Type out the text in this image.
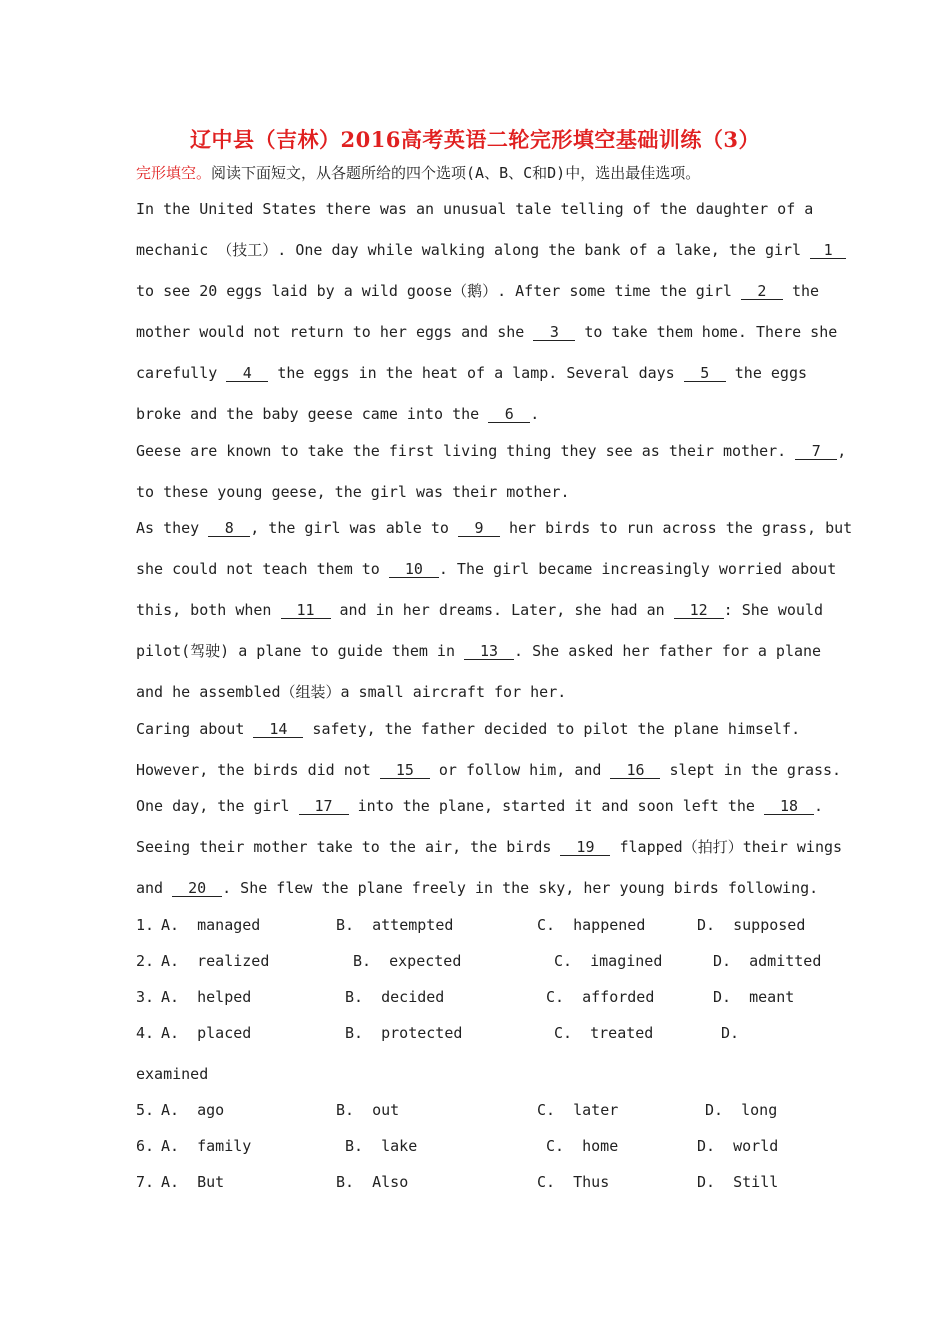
辽中县（吉林）2016高考英语二轮完形填空基础训练（3）
完形填空。阅读下面短文，从各题所给的四个选项(A、B、C和D)中，选出最佳选项。
In the United States there was an unusual tale telling of the daughter of a
mechanic （技工）. One day while walking along the bank of a lake, the girl 1
to see 20 eggs laid by a wild goose（鹅）. After some time the girl 2 the
mother would not return to her eggs and she 3 to take them home. There she
carefully 4 the eggs in the heat of a lamp. Several days 5 the eggs
broke and the baby geese came into the 6 .
Geese are known to take the first living thing they see as their mother. 7 ,
to these young geese, the girl was their mother.
As they 8 , the girl was able to 9 her birds to run across the grass, but
she could not teach them to 10 . The girl became increasingly worried about
this, both when 11 and in her dreams. Later, she had an 12 : She would
pilot(驾驶) a plane to guide them in 13 . She asked her father for a plane
and he assembled（组装）a small aircraft for her.
Caring about 14 safety, the father decided to pilot the plane himself.
However, the birds did not 15 or follow him, and 16 slept in the grass.
One day, the girl 17 into the plane, started it and soon left the 18 .
Seeing their mother take to the air, the birds 19 flapped（拍打）their wings
and 20 . She flew the plane freely in the sky, her young birds following.
1. A.  managed	B.  attempted	C.  happened	D.  supposed
2. A.  realized	B.  expected	C.  imagined	D.  admitted
3. A.  helped	B.  decided	C.  afforded	D.  meant
4. A.  placed	B.  protected	C.  treated	D.
examined
5. A.  ago	B.  out	C.  later	D.  long
6. A.  family	B.  lake	C.  home	D.  world
7. A.  But	B.  Also	C.  Thus	D.  Still
